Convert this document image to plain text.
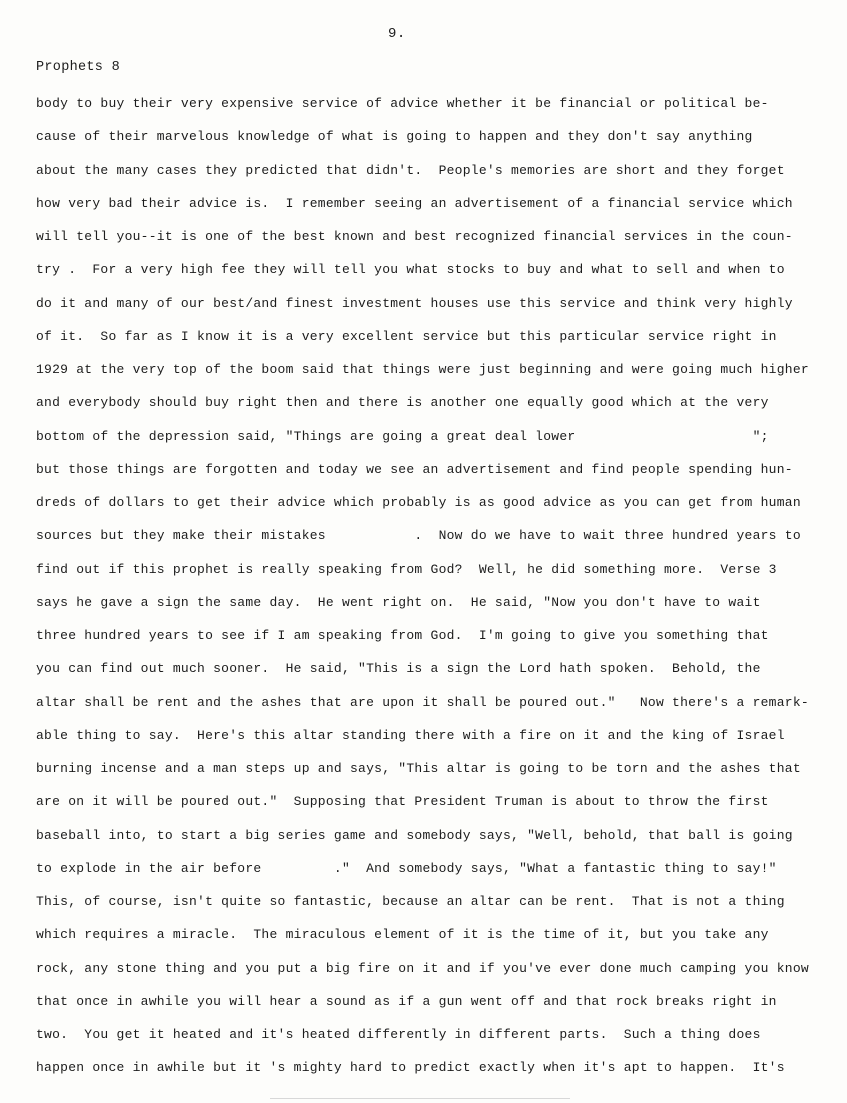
9.
Prophets 8
body to buy their very expensive service of advice whether it be financial or political be-
cause of their marvelous knowledge of what is going to happen and they don't say anything
about the many cases they predicted that didn't.  People's memories are short and they forget
how very bad their advice is.  I remember seeing an advertisement of a financial service which
will tell you--it is one of the best known and best recognized financial services in the coun-
try .  For a very high fee they will tell you what stocks to buy and what to sell and when to
do it and many of our best/and finest investment houses use this service and think very highly
of it.  So far as I know it is a very excellent service but this particular service right in
1929 at the very top of the boom said that things were just beginning and were going much higher
and everybody should buy right then and there is another one equally good which at the very
bottom of the depression said, "Things are going a great deal lower                      ";
but those things are forgotten and today we see an advertisement and find people spending hun-
dreds of dollars to get their advice which probably is as good advice as you can get from human
sources but they make their mistakes           .  Now do we have to wait three hundred years to
find out if this prophet is really speaking from God?  Well, he did something more.  Verse 3
says he gave a sign the same day.  He went right on.  He said, "Now you don't have to wait
three hundred years to see if I am speaking from God.  I'm going to give you something that
you can find out much sooner.  He said, "This is a sign the Lord hath spoken.  Behold, the
altar shall be rent and the ashes that are upon it shall be poured out."   Now there's a remark-
able thing to say.  Here's this altar standing there with a fire on it and the king of Israel
burning incense and a man steps up and says, "This altar is going to be torn and the ashes that
are on it will be poured out."  Supposing that President Truman is about to throw the first
baseball into, to start a big series game and somebody says, "Well, behold, that ball is going
to explode in the air before         ."  And somebody says, "What a fantastic thing to say!"
This, of course, isn't quite so fantastic, because an altar can be rent.  That is not a thing
which requires a miracle.  The miraculous element of it is the time of it, but you take any
rock, any stone thing and you put a big fire on it and if you've ever done much camping you know
that once in awhile you will hear a sound as if a gun went off and that rock breaks right in
two.  You get it heated and it's heated differently in different parts.  Such a thing does
happen once in awhile but it 's mighty hard to predict exactly when it's apt to happen.  It's
